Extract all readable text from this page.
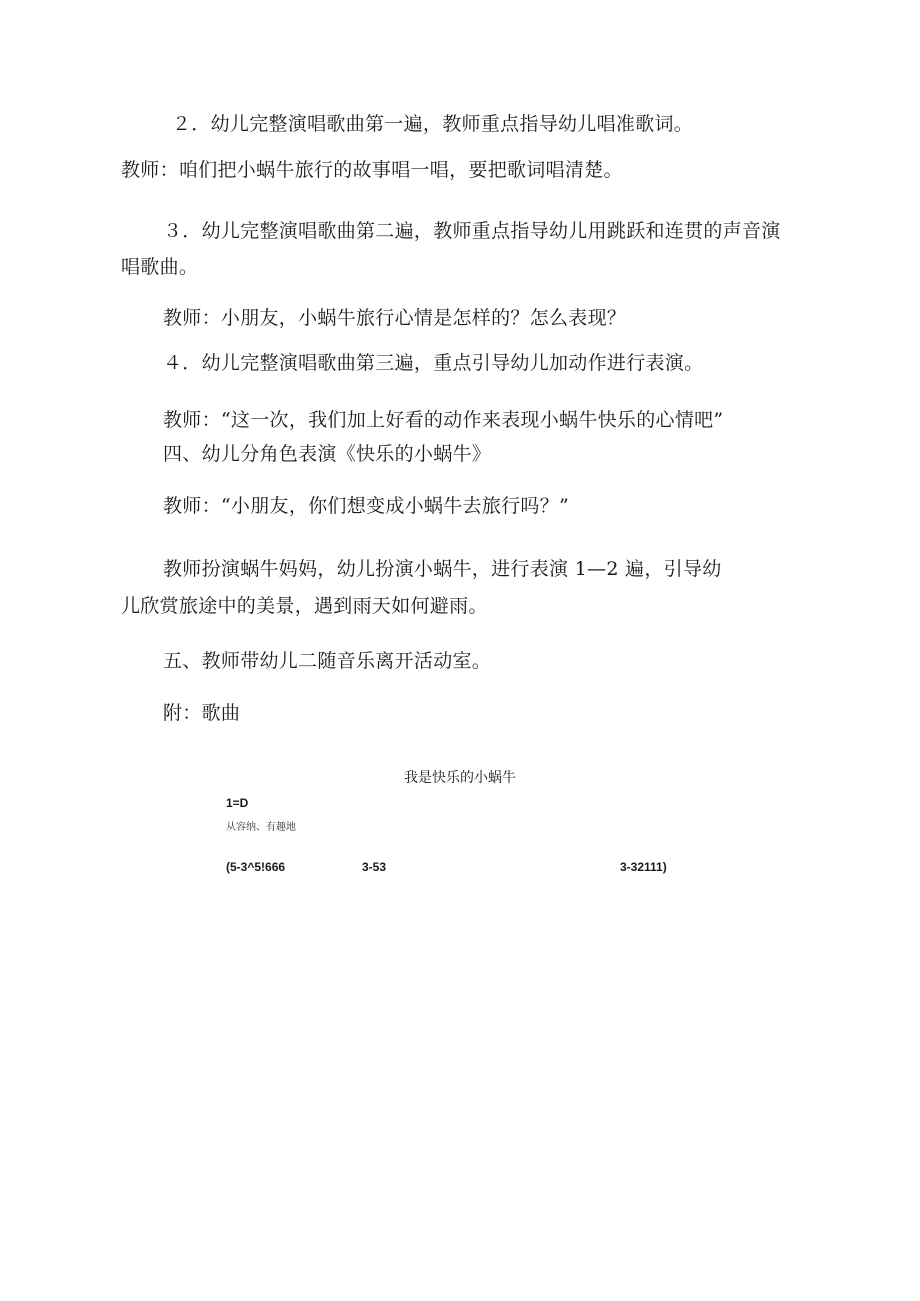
２．幼儿完整演唱歌曲第一遍，教师重点指导幼儿唱准歌词。
教师：咱们把小蜗牛旅行的故事唱一唱，要把歌词唱清楚。
３．幼儿完整演唱歌曲第二遍，教师重点指导幼儿用跳跃和连贯的声音演
唱歌曲。
教师：小朋友，小蜗牛旅行心情是怎样的？怎么表现？
４．幼儿完整演唱歌曲第三遍，重点引导幼儿加动作进行表演。
教师：“这一次，我们加上好看的动作来表现小蜗牛快乐的心情吧”
四、幼儿分角色表演《快乐的小蜗牛》
教师：“小朋友，你们想变成小蜗牛去旅行吗？”
教师扮演蜗牛妈妈，幼儿扮演小蜗牛，进行表演 1—2 遍，引导幼
儿欣赏旅途中的美景，遇到雨天如何避雨。
五、教师带幼儿二随音乐离开活动室。
附：歌曲
我是快乐的小蜗牛
1=D
从容纳、有趣地
(5-3^5!666	3-53	3-32111)
